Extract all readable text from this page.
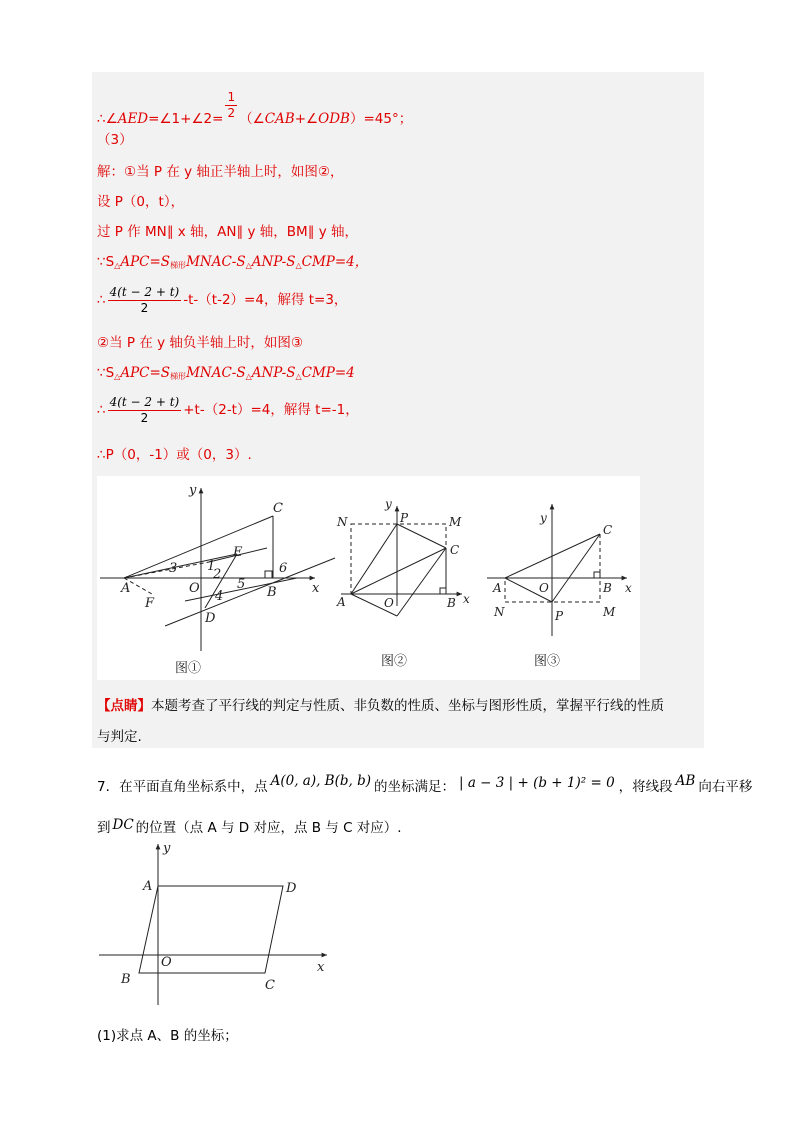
∴∠AED=∠1+∠2= $\frac{1}{2}$ （∠CAB+∠ODB）=45°；
（3）
解：①当 P 在 y 轴正半轴上时，如图②，
设 P（0，t），
过 P 作 MN∥ x 轴，AN∥ y 轴，BM∥ y 轴，
$\because S_\triangle APC=S_{梯形}MNAC-S_\triangle ANP-S_\triangle CMP=4$，
∴ $\frac{4(t - 2 + t)}{2} -t-(t-2)=4$，解得 t=3，
②当 P 在 y 轴负半轴上时，如图③
$\because S_\triangle APC=S_{梯形}MNAC-S_\triangle ANP-S_\triangle CMP=4$
∴ $\frac{4(t - 2 + t)}{2} +t-(2-t)=4$，解得 t=-1，
∴P（0，-1）或（0，3）.
y
x
C
E
A
F
O	B
D
1
2
3
4
5
6
图①
N	P	M
y
C
A	O	B x
图②
y
C
A	O	B x
N	P	M
图③
【点睛】本题考查了平行线的判定与性质、非负数的性质、坐标与图形性质，掌握平行线的性质
与判定.
7．在平面直角坐标系中，点 A(0, a), B(b, b) 的坐标满足： | a − 3 | + (b + 1)² = 0 ，将线段 AB 向右平移
到 DC 的位置（点 A 与 D 对应，点 B 与 C 对应）.
y
A	D
O	x
B	C
(1)求点 A、B 的坐标；
